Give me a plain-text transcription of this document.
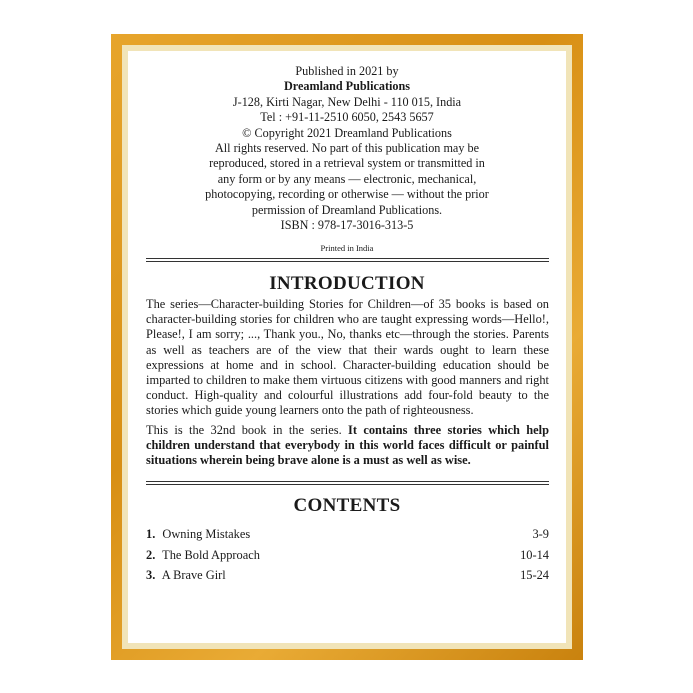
Published in 2021 by
Dreamland Publications
J-128, Kirti Nagar, New Delhi - 110 015, India
Tel : +91-11-2510 6050, 2543 5657
© Copyright 2021 Dreamland Publications
All rights reserved. No part of this publication may be
reproduced, stored in a retrieval system or transmitted in
any form or by any means — electronic, mechanical,
photocopying, recording or otherwise — without the prior
permission of Dreamland Publications.
ISBN : 978-17-3016-313-5
Printed in India
INTRODUCTION

The series—Character-building Stories for Children—of 35 books is based on character-building stories for children who are taught expressing words—Hello!, Please!, I am sorry; ..., Thank you., No, thanks etc—through the stories. Parents as well as teachers are of the view that their wards ought to learn these expressions at home and in school. Character-building education should be imparted to children to make them virtuous citizens with good manners and right conduct. High-quality and colourful illustrations add four-fold beauty to the stories which guide young learners onto the path of righteousness.

This is the 32nd book in the series. It contains three stories which help children understand that everybody in this world faces difficult or painful situations wherein being brave alone is a must as well as wise.

CONTENTS
1. Owning Mistakes	3-9
2. The Bold Approach	10-14
3. A Brave Girl	15-24
